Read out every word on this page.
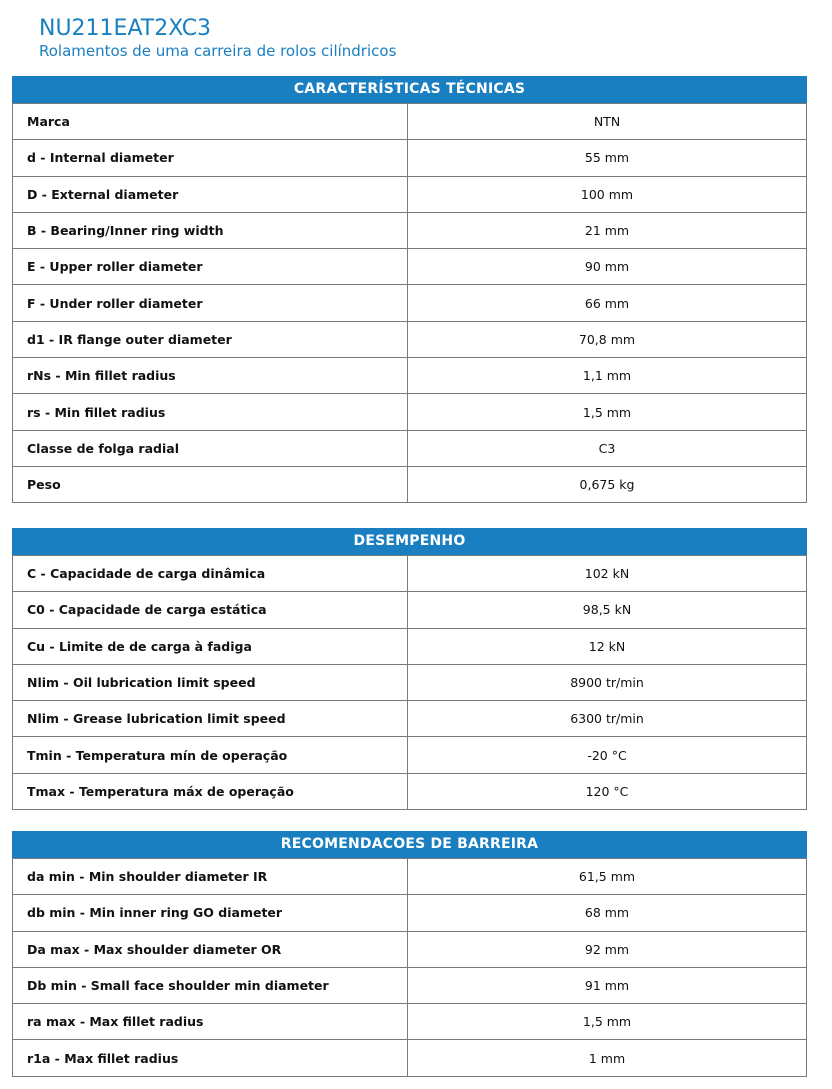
NU211EAT2XC3
Rolamentos de uma carreira de rolos cilíndricos
CARACTERÍSTICAS TÉCNICAS
Marca	NTN
d - Internal diameter	55 mm
D - External diameter	100 mm
B - Bearing/Inner ring width	21 mm
E - Upper roller diameter	90 mm
F - Under roller diameter	66 mm
d1 - IR flange outer diameter	70,8 mm
rNs - Min fillet radius	1,1 mm
rs - Min fillet radius	1,5 mm
Classe de folga radial	C3
Peso	0,675 kg
DESEMPENHO
C - Capacidade de carga dinâmica	102 kN
C0 - Capacidade de carga estática	98,5 kN
Cu - Limite de de carga à fadiga	12 kN
Nlim - Oil lubrication limit speed	8900 tr/min
Nlim - Grease lubrication limit speed	6300 tr/min
Tmin - Temperatura mín de operação	-20 °C
Tmax - Temperatura máx de operação	120 °C
RECOMENDACOES DE BARREIRA
da min - Min shoulder diameter IR	61,5 mm
db min - Min inner ring GO diameter	68 mm
Da max - Max shoulder diameter OR	92 mm
Db min - Small face shoulder min diameter	91 mm
ra max - Max fillet radius	1,5 mm
r1a - Max fillet radius	1 mm
